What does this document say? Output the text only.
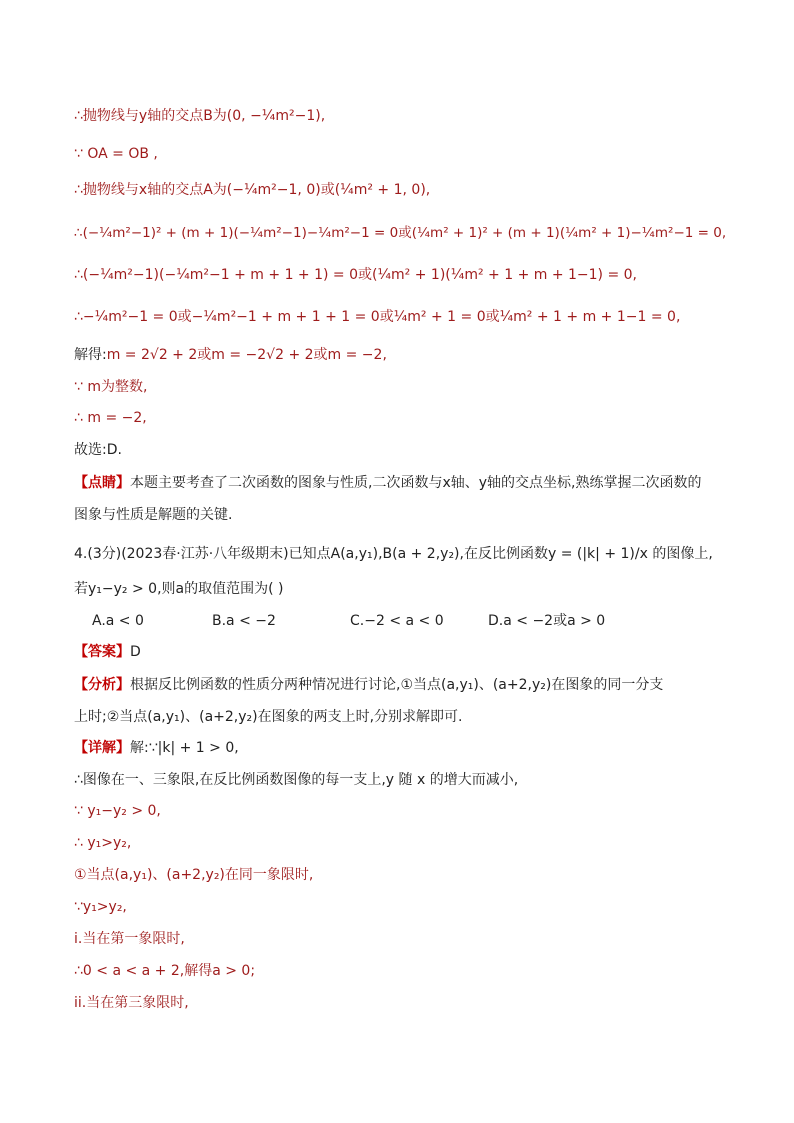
∴抛物线与y轴的交点B为(0, −¼m²−1),
∵ OA = OB ,
∴抛物线与x轴的交点A为(−¼m²−1, 0)或(¼m² + 1, 0),
∴(−¼m²−1)² + (m + 1)(−¼m²−1)−¼m²−1 = 0或(¼m² + 1)² + (m + 1)(¼m² + 1)−¼m²−1 = 0,
∴(−¼m²−1)(−¼m²−1 + m + 1 + 1) = 0或(¼m² + 1)(¼m² + 1 + m + 1−1) = 0,
∴−¼m²−1 = 0或−¼m²−1 + m + 1 + 1 = 0或¼m² + 1 = 0或¼m² + 1 + m + 1−1 = 0,
解得:m = 2√2 + 2或m = −2√2 + 2或m = −2,
∵ m为整数,
∴ m = −2,
故选:D.
【点睛】本题主要考查了二次函数的图象与性质,二次函数与x轴、y轴的交点坐标,熟练掌握二次函数的
图象与性质是解题的关键.
4.(3分)(2023春·江苏·八年级期末)已知点A(a,y₁),B(a + 2,y₂),在反比例函数y = (|k| + 1)/x 的图像上,
若y₁−y₂ > 0,则a的取值范围为( )
A.a < 0	B.a < −2	C.−2 < a < 0	D.a < −2或a > 0
【答案】D
【分析】根据反比例函数的性质分两种情况进行讨论,①当点(a,y₁)、(a+2,y₂)在图象的同一分支
上时;②当点(a,y₁)、(a+2,y₂)在图象的两支上时,分别求解即可.
【详解】解:∵|k| + 1 > 0,
∴图像在一、三象限,在反比例函数图像的每一支上,y 随 x 的增大而减小,
∵ y₁−y₂ > 0,
∴ y₁>y₂,
①当点(a,y₁)、(a+2,y₂)在同一象限时,
∵y₁>y₂,
i.当在第一象限时,
∴0 < a < a + 2,解得a > 0;
ii.当在第三象限时,
